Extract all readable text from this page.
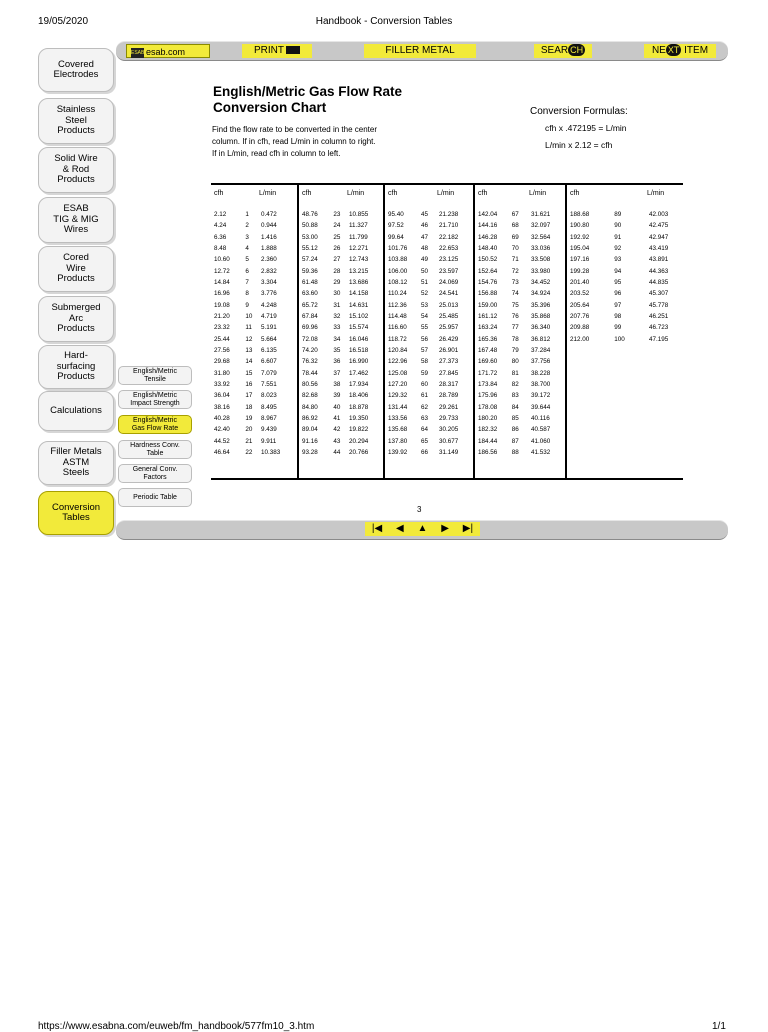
19/05/2020	Handbook - Conversion Tables
https://www.esabna.com/euweb/fm_handbook/577fm10_3.htm	1/1
ESAB esab.com	PRINT	FILLER METAL	SEAR CH	NE XT ITEM
Covered
Electrodes
Stainless
Steel
Products
Solid Wire
& Rod
Products
ESAB
TIG & MIG
Wires
Cored
Wire
Products
Submerged
Arc
Products
Hard-
surfacing
Products
Calculations
Filler Metals
ASTM
Steels
Conversion
Tables
English/Metric
Tensile
English/Metric
Impact Strength
English/Metric
Gas Flow Rate
Hardness Conv.
Table
General Conv.
Factors
Periodic Table
English/Metric Gas Flow Rate
Conversion Chart
Find the flow rate to be converted in the center column. If in cfh, read L/min in column to right. If in L/min, read cfh in column to left.
Conversion Formulas:
cfh x .472195 = L/min
L/min x 2.12 = cfh
cfh	L/min
2.12	1 0.472
4.24	2 0.944
6.36	3 1.416
8.48	4 1.888
10.60 5 2.360
12.72 6 2.832
14.84 7 3.304
16.96 8 3.776
19.08 9 4.248
21.20 10 4.719
23.32 11 5.191
25.44 12 5.664
27.56 13 6.135
29.68 14 6.607
31.80 15 7.079
33.92 16 7.551
36.04 17 8.023
38.16 18 8.495
40.28 19 8.967
42.40 20 9.439
44.52 21 9.911
46.64 22 10.383
cfh	L/min
48.76 23 10.855
50.88 24 11.327
53.00 25 11.799
55.12 26 12.271
57.24 27 12.743
59.36 28 13.215
61.48 29 13.686
63.60 30 14.158
65.72 31 14.631
67.84 32 15.102
69.96 33 15.574
72.08 34 16.046
74.20 35 16.518
76.32 36 16.990
78.44 37 17.462
80.56 38 17.934
82.68 39 18.406
84.80 40 18.878
86.92 41 19.350
89.04 42 19.822
91.16 43 20.294
93.28 44 20.766
cfh	L/min
95.40	45 21.238
97.52	46 21.710
99.64	47 22.182
101.76 48 22.653
103.88 49 23.125
106.00 50 23.597
108.12 51 24.069
110.24 52 24.541
112.36 53 25.013
114.48 54 25.485
116.60 55 25.957
118.72 56 26.429
120.84 57 26.901
122.96 58 27.373
125.08 59 27.845
127.20 60 28.317
129.32 61 28.789
131.44 62 29.261
133.56 63 29.733
135.68 64 30.205
137.80 65 30.677
139.92 66 31.149
cfh	L/min
142.04 67 31.621
144.16 68 32.097
146.28 69 32.564
148.40 70 33.036
150.52 71 33.508
152.64 72 33.980
154.76 73 34.452
156.88 74 34.924
159.00 75 35.396
161.12 76 35.868
163.24 77 36.340
165.36 78 36.812
167.48 79 37.284
169.60 80 37.756
171.72 81 38.228
173.84 82 38.700
175.96 83 39.172
178.08 84 39.644
180.20 85 40.116
182.32 86 40.587
184.44 87 41.060
186.56 88 41.532
cfh	L/min
188.68	89	42.003
190.80	90	42.475
192.92	91	42.947
195.04	92	43.419
197.16	93	43.891
199.28	94	44.363
201.40	95	44.835
203.52	96	45.307
205.64	97	45.778
207.76	98	46.251
209.88	99	46.723
212.00	100	47.195
3
|◀ ◀ ▲ ▶ ▶|
